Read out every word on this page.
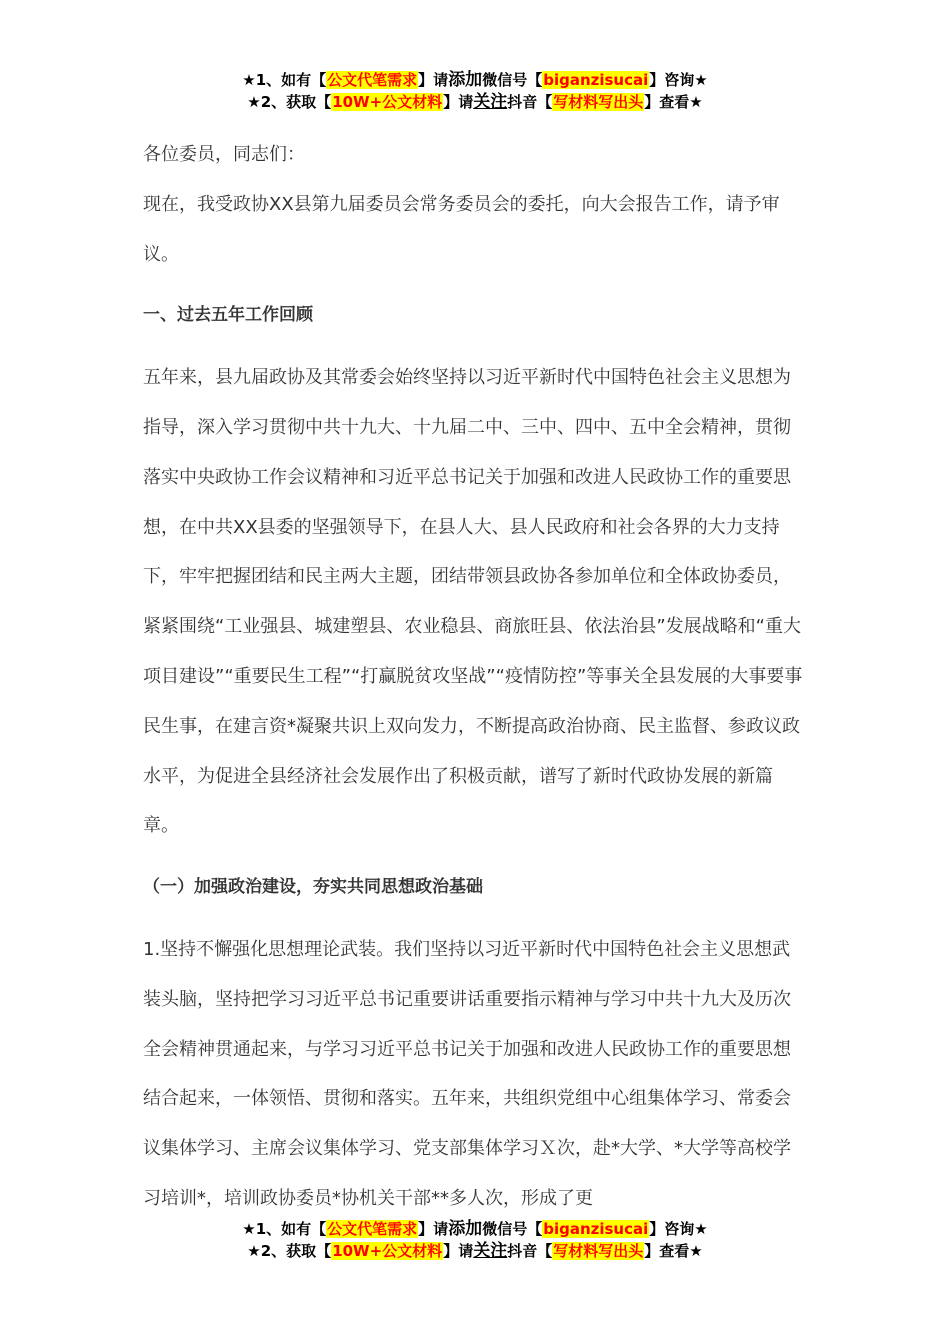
★1、如有【公文代笔需求】请添加微信号【biganzisucai】咨询★
★2、获取【10W+公文材料】请关注抖音【写材料写出头】查看★

各位委员，同志们：

现在，我受政协XX县第九届委员会常务委员会的委托，向大会报告工作，请予审议。

一、过去五年工作回顾

五年来，县九届政协及其常委会始终坚持以习近平新时代中国特色社会主义思想为指导，深入学习贯彻中共十九大、十九届二中、三中、四中、五中全会精神，贯彻落实中央政协工作会议精神和习近平总书记关于加强和改进人民政协工作的重要思想，在中共XX县委的坚强领导下，在县人大、县人民政府和社会各界的大力支持下，牢牢把握团结和民主两大主题，团结带领县政协各参加单位和全体政协委员，紧紧围绕“工业强县、城建塑县、农业稳县、商旅旺县、依法治县”发展战略和“重大项目建设”“重要民生工程”“打赢脱贫攻坚战”“疫情防控”等事关全县发展的大事要事民生事，在建言资*凝聚共识上双向发力，不断提高政治协商、民主监督、参政议政水平，为促进全县经济社会发展作出了积极贡献，谱写了新时代政协发展的新篇章。

（一）加强政治建设，夯实共同思想政治基础

1.坚持不懈强化思想理论武装。我们坚持以习近平新时代中国特色社会主义思想武装头脑，坚持把学习习近平总书记重要讲话重要指示精神与学习中共十九大及历次全会精神贯通起来，与学习习近平总书记关于加强和改进人民政协工作的重要思想结合起来，一体领悟、贯彻和落实。五年来，共组织党组中心组集体学习、常委会议集体学习、主席会议集体学习、党支部集体学习Ｘ次，赴*大学、*大学等高校学习培训*，培训政协委员*协机关干部**多人次，形成了更

★1、如有【公文代笔需求】请添加微信号【biganzisucai】咨询★
★2、获取【10W+公文材料】请关注抖音【写材料写出头】查看★
